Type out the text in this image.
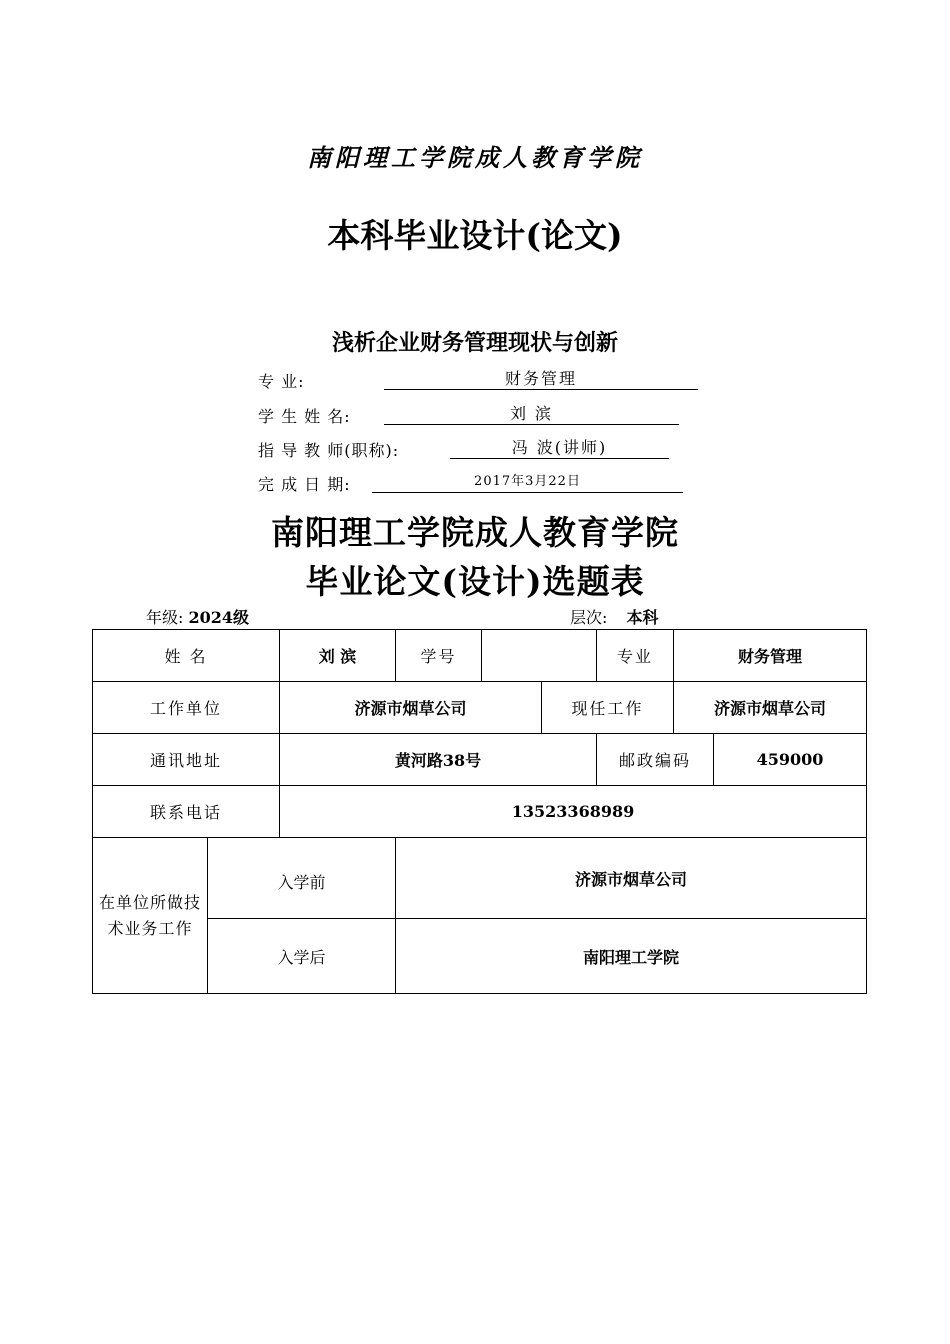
南阳理工学院成人教育学院
本科毕业设计(论文)
浅析企业财务管理现状与创新
专 业:	财务管理
学 生 姓 名:	刘 滨
指 导 教 师(职称):	冯 波(讲师)
完 成 日 期:	2017年3月22日
南阳理工学院成人教育学院
毕业论文(设计)选题表
年级: 2024级	层次: 本科
姓 名		刘 滨	学号			专业	财务管理	
工作单位		济源市烟草公司			现任工作		济源市烟草公司	
通讯地址		黄河路38号				邮政编码		459000
联系电话		13523368989						
在单位所做技术业务工作	入学前		济源市烟草公司					
	入学后		南阳理工学院					
